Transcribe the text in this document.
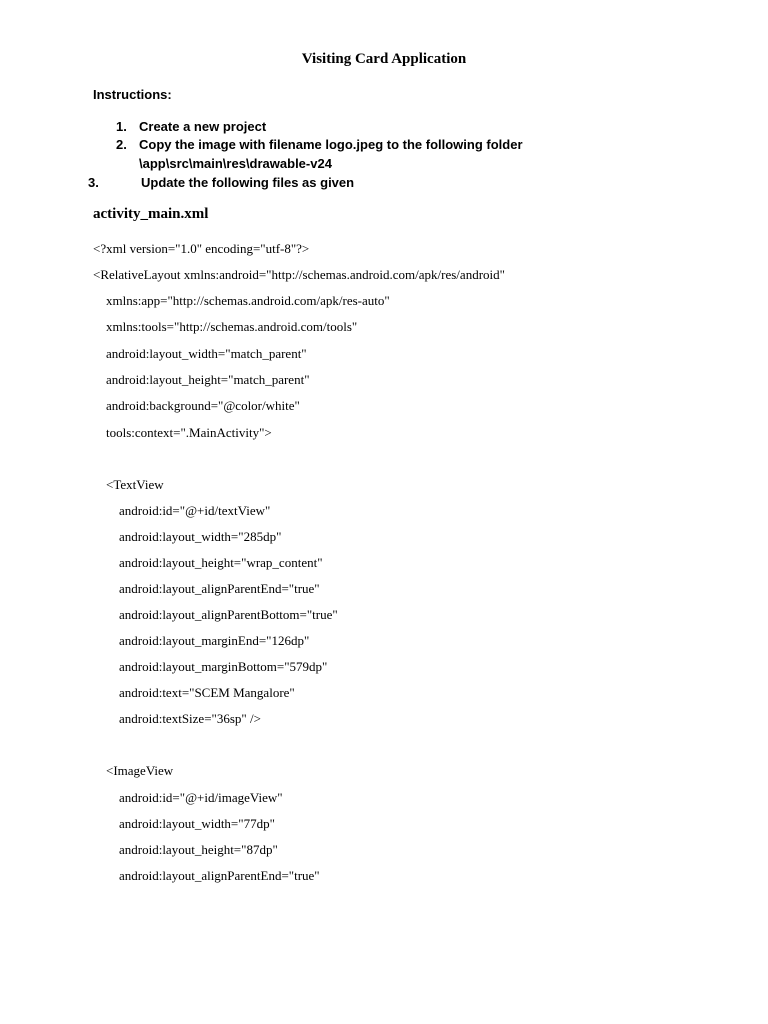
Visiting Card Application
Instructions:
1. Create a new project
2. Copy the image with filename logo.jpeg to the following folder
\app\src\main\res\drawable-v24
3.	Update the following files as given
activity_main.xml
<?xml version="1.0" encoding="utf-8"?>
<RelativeLayout xmlns:android="http://schemas.android.com/apk/res/android"
xmlns:app="http://schemas.android.com/apk/res-auto"
xmlns:tools="http://schemas.android.com/tools"
android:layout_width="match_parent"
android:layout_height="match_parent"
android:background="@color/white"
tools:context=".MainActivity">
<TextView
android:id="@+id/textView"
android:layout_width="285dp"
android:layout_height="wrap_content"
android:layout_alignParentEnd="true"
android:layout_alignParentBottom="true"
android:layout_marginEnd="126dp"
android:layout_marginBottom="579dp"
android:text="SCEM Mangalore"
android:textSize="36sp" />
<ImageView
android:id="@+id/imageView"
android:layout_width="77dp"
android:layout_height="87dp"
android:layout_alignParentEnd="true"
